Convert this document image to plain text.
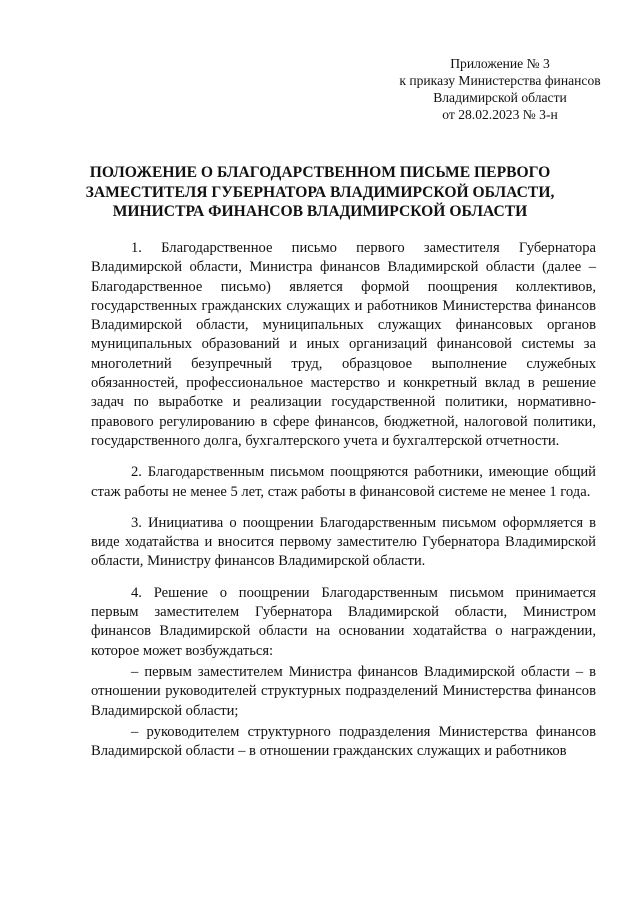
Приложение № 3
к приказу Министерства финансов
Владимирской области
от 28.02.2023 № 3-н
ПОЛОЖЕНИЕ О БЛАГОДАРСТВЕННОМ ПИСЬМЕ ПЕРВОГО
ЗАМЕСТИТЕЛЯ ГУБЕРНАТОРА ВЛАДИМИРСКОЙ ОБЛАСТИ,
МИНИСТРА ФИНАНСОВ ВЛАДИМИРСКОЙ ОБЛАСТИ

1. Благодарственное письмо первого заместителя Губернатора Владимирской области, Министра финансов Владимирской области (далее – Благодарственное письмо) является формой поощрения коллективов, государственных гражданских служащих и работников Министерства финансов Владимирской области, муниципальных служащих финансовых органов муниципальных образований и иных организаций финансовой системы за многолетний безупречный труд, образцовое выполнение служебных обязанностей, профессиональное мастерство и конкретный вклад в решение задач по выработке и реализации государственной политики, нормативно-правового регулированию в сфере финансов, бюджетной, налоговой политики, государственного долга, бухгалтерского учета и бухгалтерской отчетности.

2. Благодарственным письмом поощряются работники, имеющие общий стаж работы не менее 5 лет, стаж работы в финансовой системе не менее 1 года.

3. Инициатива о поощрении Благодарственным письмом оформляется в виде ходатайства и вносится первому заместителю Губернатора Владимирской области, Министру финансов Владимирской области.

4. Решение о поощрении Благодарственным письмом принимается первым заместителем Губернатора Владимирской области, Министром финансов Владимирской области на основании ходатайства о награждении, которое может возбуждаться:

– первым заместителем Министра финансов Владимирской области – в отношении руководителей структурных подразделений Министерства финансов Владимирской области;

– руководителем структурного подразделения Министерства финансов Владимирской области – в отношении гражданских служащих и работников
